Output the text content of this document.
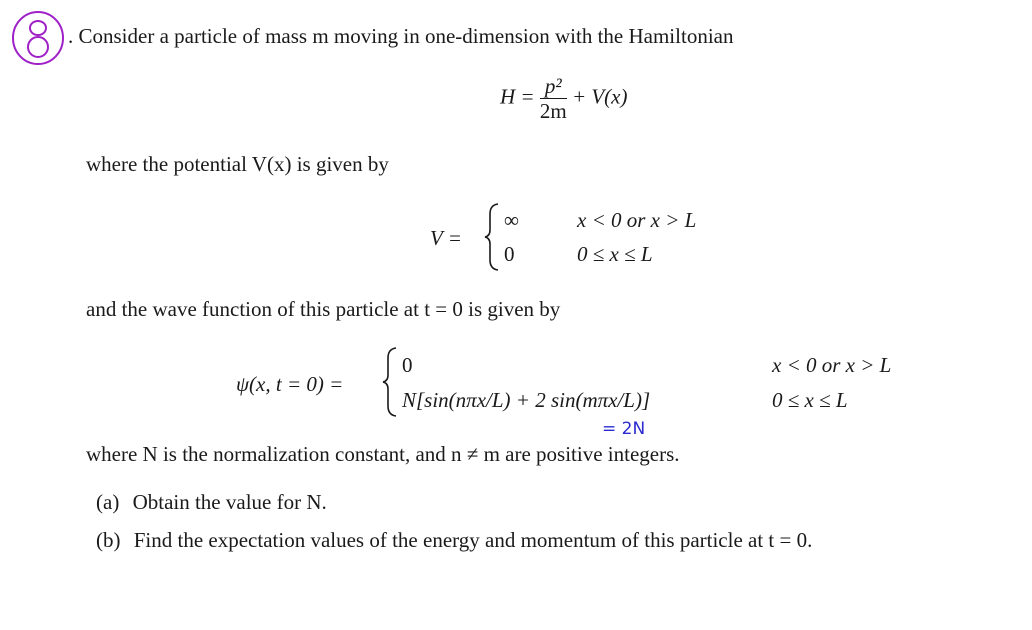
. Consider a particle of mass m moving in one-dimension with the Hamiltonian
$H = \frac{\text{p²}}{2m} + V(x)$
where the potential V(x) is given by
V =
∞	x < 0 or x > L
0	0 ≤ x ≤ L
and the wave function of this particle at t = 0 is given by
ψ(x, t = 0) =
0	x < 0 or x > L
N[sin(nπx/L) + 2 sin(mπx/L)]	0 ≤ x ≤ L
= 2N
where N is the normalization constant, and n ≠ m are positive integers.
(a) Obtain the value for N.
(b) Find the expectation values of the energy and momentum of this particle at t = 0.
